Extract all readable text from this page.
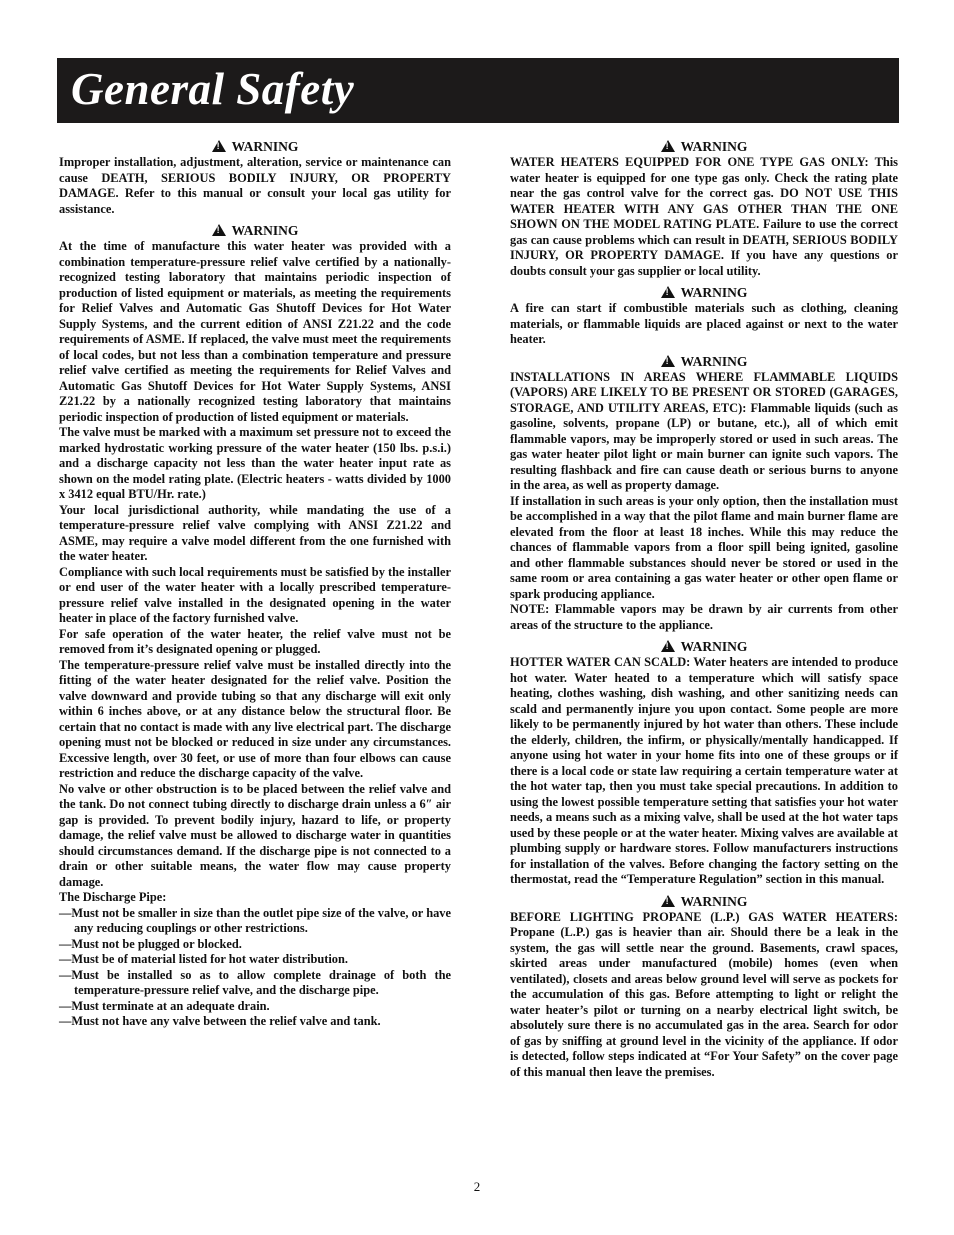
General Safety
!WARNING

Improper installation, adjustment, alteration, service or maintenance can cause DEATH, SERIOUS BODILY INJURY, OR PROPERTY DAMAGE. Refer to this manual or consult your local gas utility for assistance.

!WARNING

At the time of manufacture this water heater was provided with a combination temperature-pressure relief valve certified by a nationally-recognized testing laboratory that maintains periodic inspection of production of listed equipment or materials, as meeting the requirements for Relief Valves and Automatic Gas Shutoff Devices for Hot Water Supply Systems, and the current edition of ANSI Z21.22 and the code requirements of ASME. If replaced, the valve must meet the requirements of local codes, but not less than a combination temperature and pressure relief valve certified as meeting the requirements for Relief Valves and Automatic Gas Shutoff Devices for Hot Water Supply Systems, ANSI Z21.22 by a nationally recognized testing laboratory that maintains periodic inspection of production of listed equipment or materials.

The valve must be marked with a maximum set pressure not to exceed the marked hydrostatic working pressure of the water heater (150 lbs. p.s.i.) and a discharge capacity not less than the water heater input rate as shown on the model rating plate. (Electric heaters - watts divided by 1000 x 3412 equal BTU/Hr. rate.)

Your local jurisdictional authority, while mandating the use of a temperature-pressure relief valve complying with ANSI Z21.22 and ASME, may require a valve model different from the one furnished with the water heater.

Compliance with such local requirements must be satisfied by the installer or end user of the water heater with a locally prescribed temperature-pressure relief valve installed in the designated opening in the water heater in place of the factory furnished valve.

For safe operation of the water heater, the relief valve must not be removed from it’s designated opening or plugged.

The temperature-pressure relief valve must be installed directly into the fitting of the water heater designated for the relief valve. Position the valve downward and provide tubing so that any discharge will exit only within 6 inches above, or at any distance below the structural floor. Be certain that no contact is made with any live electrical part. The discharge opening must not be blocked or reduced in size under any circumstances. Excessive length, over 30 feet, or use of more than four elbows can cause restriction and reduce the discharge capacity of the valve.

No valve or other obstruction is to be placed between the relief valve and the tank. Do not connect tubing directly to discharge drain unless a 6″ air gap is provided. To prevent bodily injury, hazard to life, or property damage, the relief valve must be allowed to discharge water in quantities should circumstances demand. If the discharge pipe is not connected to a drain or other suitable means, the water flow may cause property damage.

The Discharge Pipe:

—Must not be smaller in size than the outlet pipe size of the valve, or have any reducing couplings or other restrictions.

—Must not be plugged or blocked.

—Must be of material listed for hot water distribution.

—Must be installed so as to allow complete drainage of both the temperature-pressure relief valve, and the discharge pipe.

—Must terminate at an adequate drain.

—Must not have any valve between the relief valve and tank.

!WARNING

WATER HEATERS EQUIPPED FOR ONE TYPE GAS ONLY: This water heater is equipped for one type gas only. Check the rating plate near the gas control valve for the correct gas. DO NOT USE THIS WATER HEATER WITH ANY GAS OTHER THAN THE ONE SHOWN ON THE MODEL RATING PLATE. Failure to use the correct gas can cause problems which can result in DEATH, SERIOUS BODILY INJURY, OR PROPERTY DAMAGE. If you have any questions or doubts consult your gas supplier or local utility.

!WARNING

A fire can start if combustible materials such as clothing, cleaning materials, or flammable liquids are placed against or next to the water heater.

!WARNING

INSTALLATIONS IN AREAS WHERE FLAMMABLE LIQUIDS (VAPORS) ARE LIKELY TO BE PRESENT OR STORED (GARAGES, STORAGE, AND UTILITY AREAS, ETC): Flammable liquids (such as gasoline, solvents, propane (LP) or butane, etc.), all of which emit flammable vapors, may be improperly stored or used in such areas. The gas water heater pilot light or main burner can ignite such vapors. The resulting flashback and fire can cause death or serious burns to anyone in the area, as well as property damage.

If installation in such areas is your only option, then the installation must be accomplished in a way that the pilot flame and main burner flame are elevated from the floor at least 18 inches. While this may reduce the chances of flammable vapors from a floor spill being ignited, gasoline and other flammable substances should never be stored or used in the same room or area containing a gas water heater or other open flame or spark producing appliance.

NOTE: Flammable vapors may be drawn by air currents from other areas of the structure to the appliance.

!WARNING

HOTTER WATER CAN SCALD: Water heaters are intended to produce hot water. Water heated to a temperature which will satisfy space heating, clothes washing, dish washing, and other sanitizing needs can scald and permanently injure you upon contact. Some people are more likely to be permanently injured by hot water than others. These include the elderly, children, the infirm, or physically/mentally handicapped. If anyone using hot water in your home fits into one of these groups or if there is a local code or state law requiring a certain temperature water at the hot water tap, then you must take special precautions. In addition to using the lowest possible temperature setting that satisfies your hot water needs, a means such as a mixing valve, shall be used at the hot water taps used by these people or at the water heater. Mixing valves are available at plumbing supply or hardware stores. Follow manufacturers instructions for installation of the valves. Before changing the factory setting on the thermostat, read the “Temperature Regulation” section in this manual.

!WARNING

BEFORE LIGHTING PROPANE (L.P.) GAS WATER HEATERS: Propane (L.P.) gas is heavier than air. Should there be a leak in the system, the gas will settle near the ground. Basements, crawl spaces, skirted areas under manufactured (mobile) homes (even when ventilated), closets and areas below ground level will serve as pockets for the accumulation of this gas. Before attempting to light or relight the water heater’s pilot or turning on a nearby electrical light switch, be absolutely sure there is no accumulated gas in the area. Search for odor of gas by sniffing at ground level in the vicinity of the appliance. If odor is detected, follow steps indicated at “For Your Safety” on the cover page of this manual then leave the premises.

2
